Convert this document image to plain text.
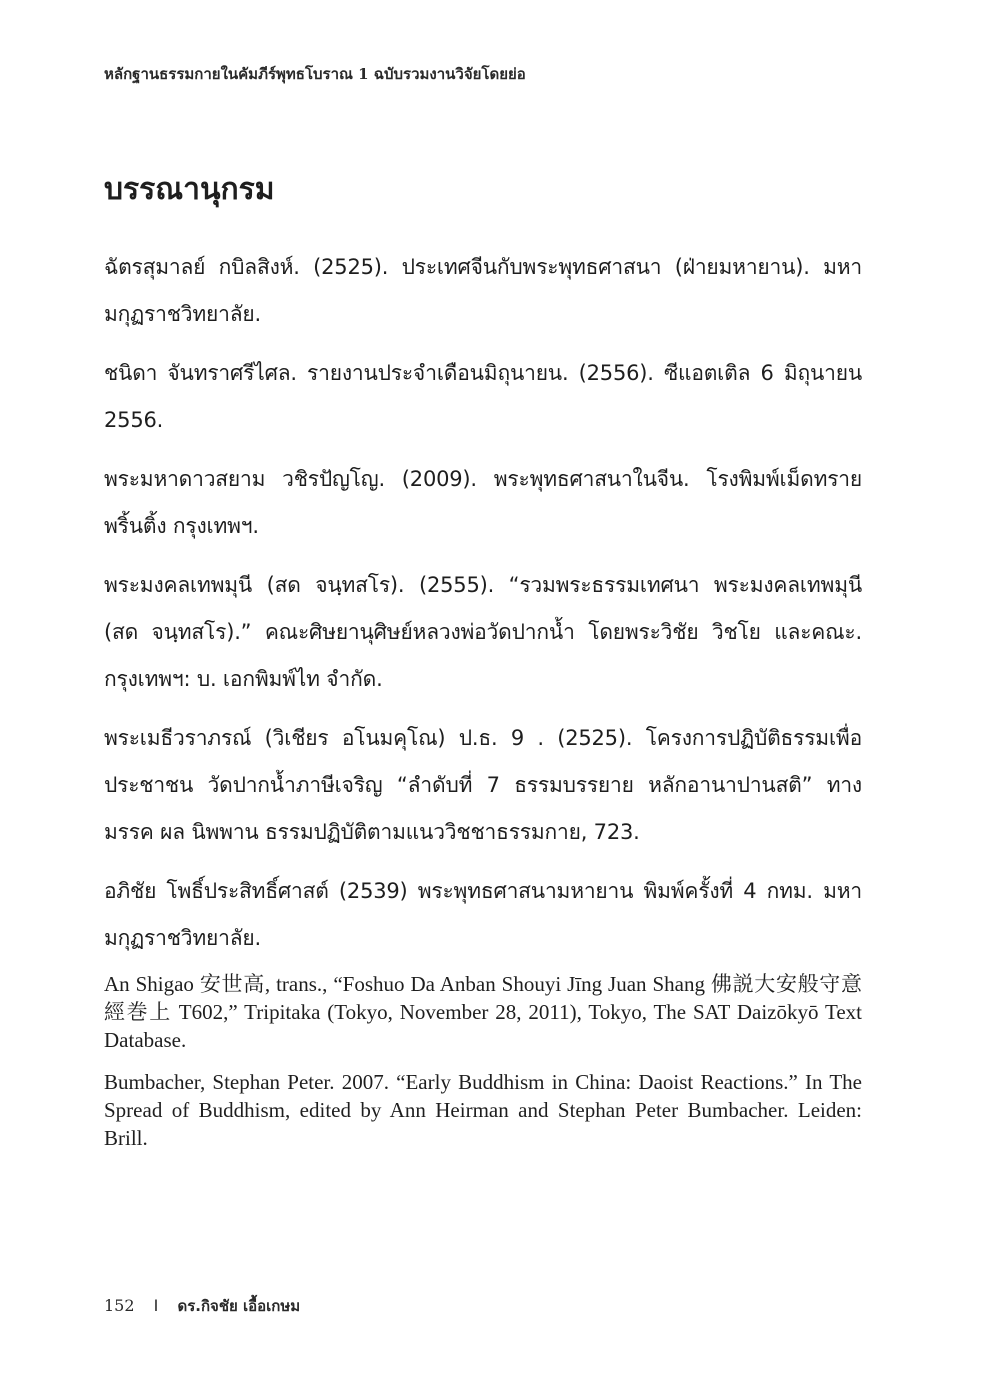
หลักฐานธรรมกายในคัมภีร์พุทธโบราณ 1 ฉบับรวมงานวิจัยโดยย่อ
บรรณานุกรม

ฉัตรสุมาลย์ กบิลสิงห์. (2525). ประเทศจีนกับพระพุทธศาสนา (ฝ่ายมหายาน). มหามกุฏราชวิทยาลัย.

ชนิดา จันทราศรีไศล. รายงานประจำเดือนมิถุนายน. (2556). ซีแอตเติล 6 มิถุนายน 2556.

พระมหาดาวสยาม วชิรปัญโญ. (2009). พระพุทธศาสนาในจีน. โรงพิมพ์เม็ดทราย พริ้นติ้ง กรุงเทพฯ.

พระมงคลเทพมุนี (สด จนฺทสโร). (2555). “รวมพระธรรมเทศนา พระมงคลเทพมุนี (สด จนฺทสโร).” คณะศิษยานุศิษย์หลวงพ่อวัดปากน้ำ โดยพระวิชัย วิชโย และคณะ. กรุงเทพฯ: บ. เอกพิมพ์ไท จำกัด.

พระเมธีวราภรณ์ (วิเชียร อโนมคุโณ) ป.ธ. 9 . (2525). โครงการปฏิบัติธรรมเพื่อประชาชน วัดปากน้ำภาษีเจริญ “ลำดับที่ 7 ธรรมบรรยาย หลักอานาปานสติ” ทางมรรค ผล นิพพาน ธรรมปฏิบัติตามแนววิชชาธรรมกาย, 723.

อภิชัย โพธิ์ประสิทธิ์ศาสต์ (2539) พระพุทธศาสนามหายาน พิมพ์ครั้งที่ 4 กทม. มหามกุฏราชวิทยาลัย.

An Shigao 安世高, trans., “Foshuo Da Anban Shouyi Jīng Juan Shang 佛説大安般守意經巻上 T602,” Tripitaka (Tokyo, November 28, 2011), Tokyo, The SAT Daizōkyō Text Database.

Bumbacher, Stephan Peter. 2007. “Early Buddhism in China: Daoist Reactions.” In The Spread of Buddhism, edited by Ann Heirman and Stephan Peter Bumbacher. Leiden: Brill.

152 I ดร.กิจชัย เอื้อเกษม
